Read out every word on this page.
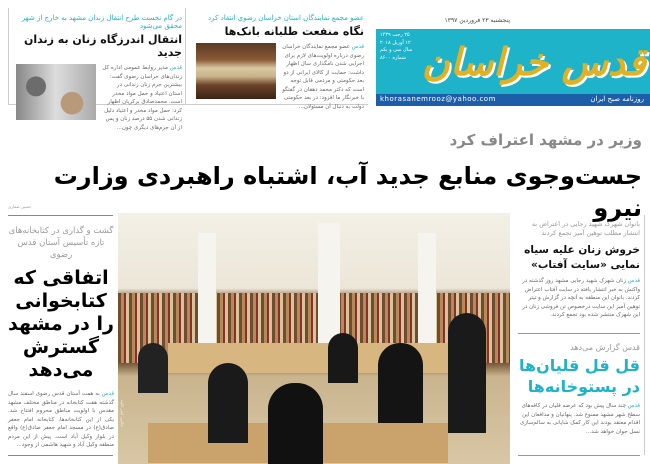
عضو مجمع نمایندگان استان خراسان رضوی انتقاد کرد
نگاه منفعت طلبانه بانک‌ها
قدس عضو مجمع نمایندگان خراسان رضوی درباره اولویت‌های لازم برای اجرایی شدن نامگذاری سال اظهار داشت: حمایت از کالای ایرانی از دو بعد حکومتی و مردمی قابل توجه است که دکتر محمد دهقان در گفتگو با خبرنگار ما افزود: در بعد حکومتی دولت به دنبال آن مسئولان...
در گام نخست طرح انتقال زندان مشهد به خارج از شهر محقق می‌شود
انتقال اندرزگاه زنان به زندان جدید
قدس مدیر روابط عمومی اداره کل زندان‌های خراسان رضوی گفت: بیشترین جرم زنان زندانی در استان اعتیاد و حمل مواد مخدر است. محمدصادق برکریان اظهار کرد: حمل مواد مخدر و اعتیاد دلیل زندانی شدن ۵۵ درصد زنان و پس از آن جرم‌های دیگری چون...
پنجشنبه ۲۳ فروردین ۱۳۹۷
۲۵ رجب ۱۴۳۹
۱۲ آوریل ۲۰۱۸
سال سی و یکم
شماره ۸۶۰۰ قدس خراسان
khorasanemrooz@yahoo.com	روزنامه صبح ایران
وزیر در مشهد اعتراف کرد
جست‌وجوی منابع جدید آب، اشتباه راهبردی وزارت نیرو
حسین صفاری
گشت و گذاری در کتابخانه‌های تازه تأسیس آستان قدس رضوی
اتفاقی که کتابخوانی را در مشهد گسترش می‌دهد
قدس به همت آستان قدس رضوی اسفند سال گذشته هفت کتابخانه در مناطق مختلف مشهد مقدس با اولویت مناطق محروم افتتاح شد. یکی از این کتابخانه‌ها، کتابخانه امام جعفر صادق(ع) در مسجد امام جعفر صادق(ع) واقع در بلوار وکیل آباد است. پیش از این مردم منطقه وکیل آباد و شهید هاشمی از وجود...
عکس: امیر کاوه
بانوان شهرک شهید رجایی در اعتراض به انتشار مطلب توهین آمیز تجمع کردند
خروش زنان علیه سیاه نمایی «سایت آفتاب»
قدس زنان شهرک شهید رجایی مشهد روز گذشته در واکنش به خبر انتشار یافته در سایت آفتاب اعتراض کردند. بانوان این منطقه به آنچه در گزارش و تیتر توهین آمیز این سایت درخصوص تن فروشی زنان در این شهرک منتشر شده بود تجمع کردند.
قدس گزارش می‌دهد
قل قل قلیان‌ها در پستوخانه‌ها
قدس چند سال پیش بود که عرضه قلیان در کافه‌های سطح شهر مشهد ممنوع شد. پنهانیان و مدافعان این اقدام معتقد بودند این کار کمک شایانی به سالم‌سازی نسل جوان خواهد شد...
